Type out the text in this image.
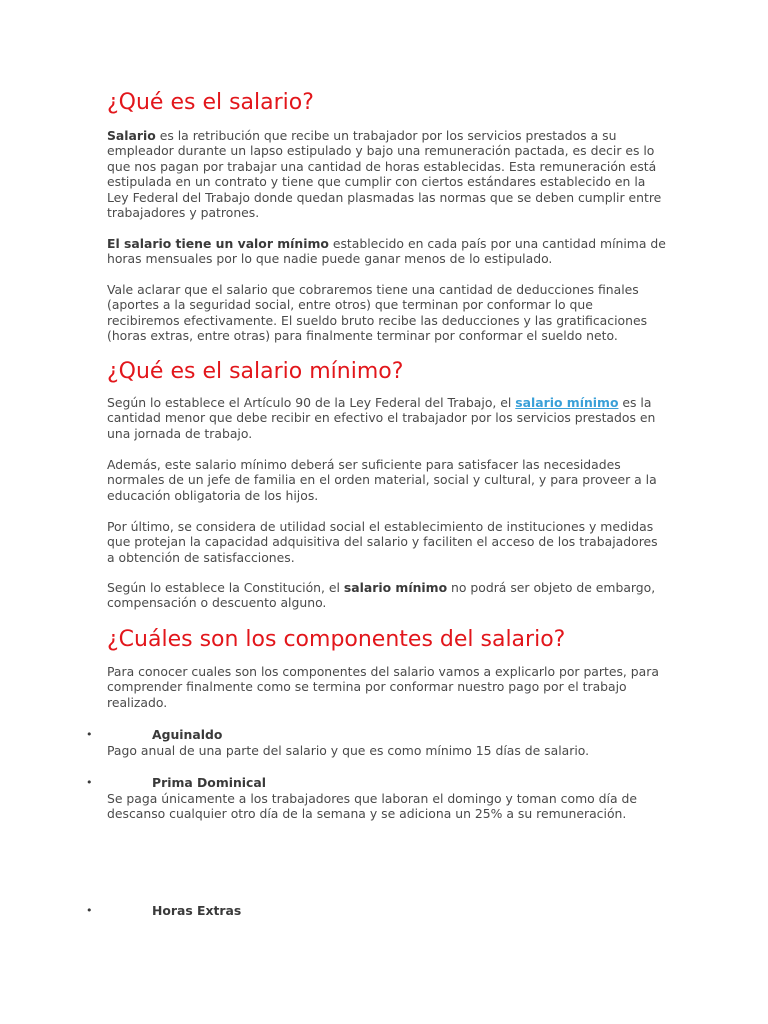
¿Qué es el salario?

Salario es la retribución que recibe un trabajador por los servicios prestados a su empleador durante un lapso estipulado y bajo una remuneración pactada, es decir es lo que nos pagan por trabajar una cantidad de horas establecidas. Esta remuneración está estipulada en un contrato y tiene que cumplir con ciertos estándares establecido en la Ley Federal del Trabajo donde quedan plasmadas las normas que se deben cumplir entre trabajadores y patrones.

El salario tiene un valor mínimo establecido en cada país por una cantidad mínima de horas mensuales por lo que nadie puede ganar menos de lo estipulado.

Vale aclarar que el salario que cobraremos tiene una cantidad de deducciones finales (aportes a la seguridad social, entre otros) que terminan por conformar lo que recibiremos efectivamente. El sueldo bruto recibe las deducciones y las gratificaciones (horas extras, entre otras) para finalmente terminar por conformar el sueldo neto.

¿Qué es el salario mínimo?

Según lo establece el Artículo 90 de la Ley Federal del Trabajo, el salario mínimo es la cantidad menor que debe recibir en efectivo el trabajador por los servicios prestados en una jornada de trabajo.

Además, este salario mínimo deberá ser suficiente para satisfacer las necesidades normales de un jefe de familia en el orden material, social y cultural, y para proveer a la educación obligatoria de los hijos.

Por último, se considera de utilidad social el establecimiento de instituciones y medidas que protejan la capacidad adquisitiva del salario y faciliten el acceso de los trabajadores a obtención de satisfacciones.

Según lo establece la Constitución, el salario mínimo no podrá ser objeto de embargo, compensación o descuento alguno.

¿Cuáles son los componentes del salario?

Para conocer cuales son los componentes del salario vamos a explicarlo por partes, para comprender finalmente como se termina por conformar nuestro pago por el trabajo realizado.

•	Aguinaldo
Pago anual de una parte del salario y que es como mínimo 15 días de salario.
•	Prima Dominical
Se paga únicamente a los trabajadores que laboran el domingo y toman como día de descanso cualquier otro día de la semana y se adiciona un 25% a su remuneración.
•	Horas Extras
